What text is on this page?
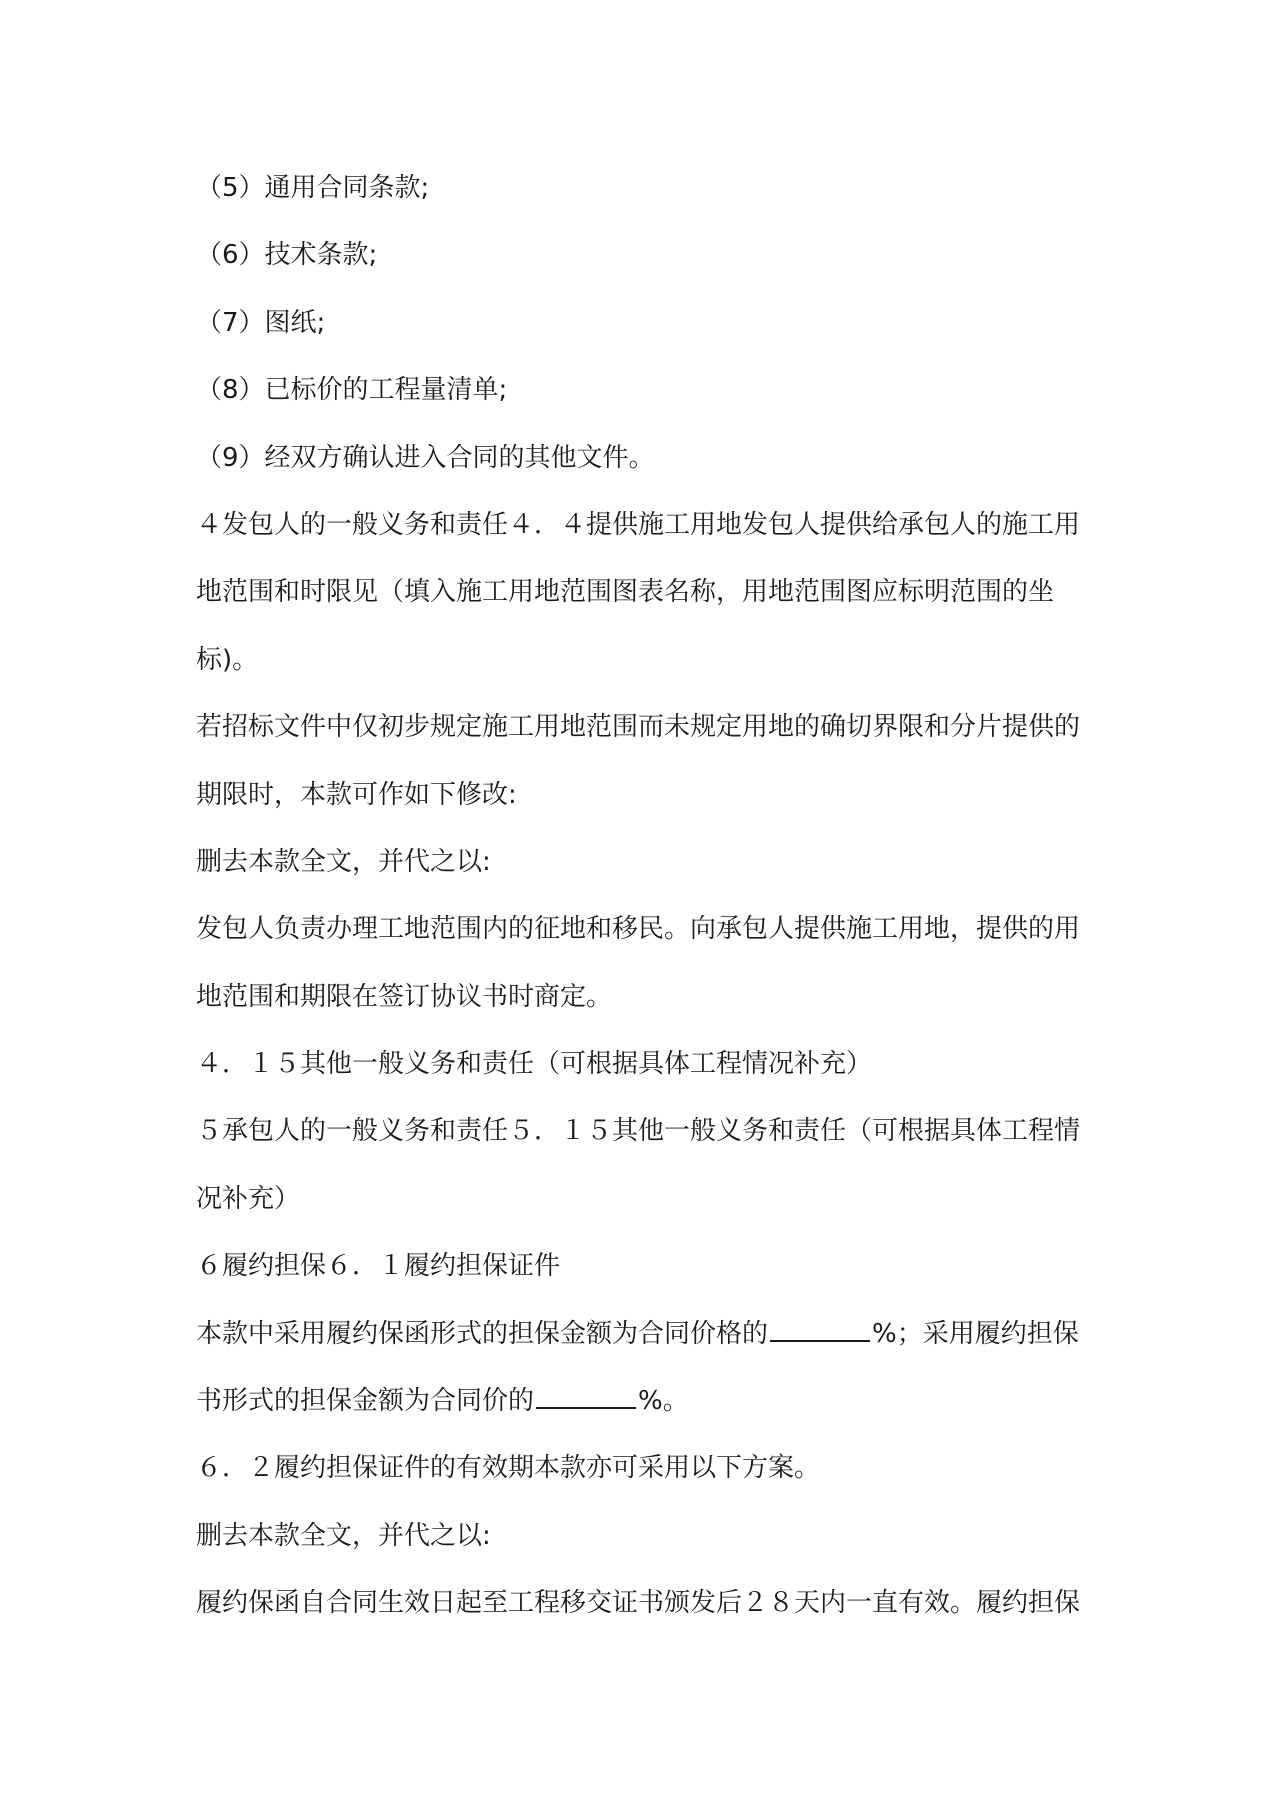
（5）通用合同条款;

（6）技术条款;

（7）图纸;

（8）已标价的工程量清单;

（9）经双方确认进入合同的其他文件。

４发包人的一般义务和责任４．４提供施工用地发包人提供给承包人的施工用

地范围和时限见（填入施工用地范围图表名称，用地范围图应标明范围的坐

标)。

若招标文件中仅初步规定施工用地范围而未规定用地的确切界限和分片提供的

期限时，本款可作如下修改:

删去本款全文，并代之以:

发包人负责办理工地范围内的征地和移民。向承包人提供施工用地，提供的用

地范围和期限在签订协议书时商定。

４．１５其他一般义务和责任（可根据具体工程情况补充）

５承包人的一般义务和责任５．１５其他一般义务和责任（可根据具体工程情

况补充）

６履约担保６．１履约担保证件

本款中采用履约保函形式的担保金额为合同价格的	%；采用履约担保

书形式的担保金额为合同价的	%。

６．２履约担保证件的有效期本款亦可采用以下方案。

删去本款全文，并代之以:

履约保函自合同生效日起至工程移交证书颁发后２８天内一直有效。履约担保
